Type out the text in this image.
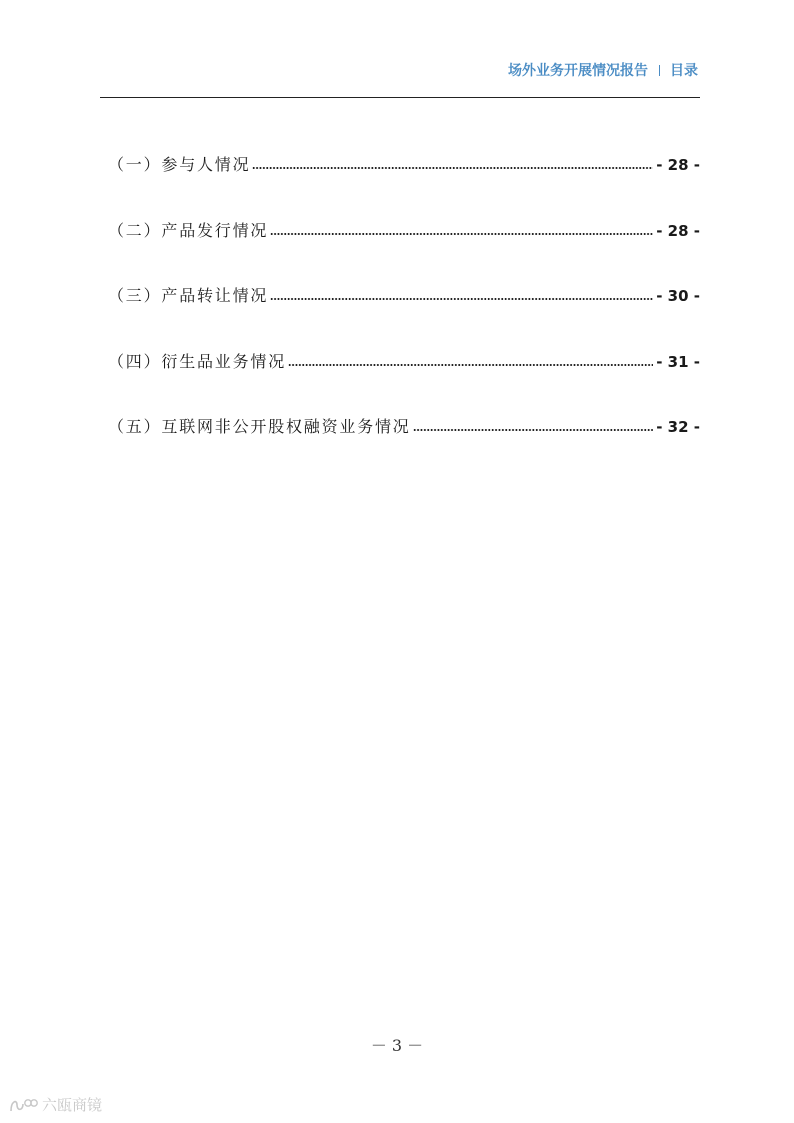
场外业务开展情况报告 目录
（一）参与人情况	- 28 -
（二）产品发行情况	- 28 -
（三）产品转让情况	- 30 -
（四）衍生品业务情况	- 31 -
（五）互联网非公开股权融资业务情况	- 32 -
－ 3 －
六瓯商镜
